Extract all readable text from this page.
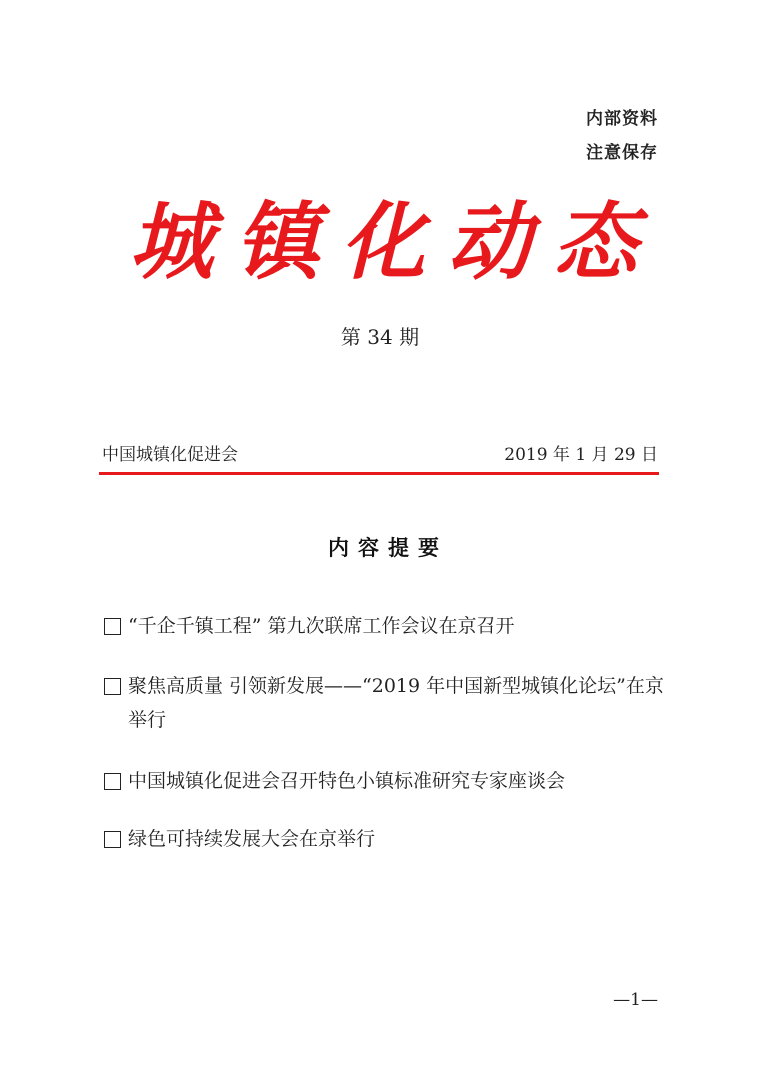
内部资料
注意保存
城镇化动态
第 34 期
中国城镇化促进会	2019 年 1 月 29 日
内容提要
“千企千镇工程” 第九次联席工作会议在京召开
聚焦高质量 引领新发展——“2019 年中国新型城镇化论坛”在京举行
中国城镇化促进会召开特色小镇标准研究专家座谈会
绿色可持续发展大会在京举行
—1—
